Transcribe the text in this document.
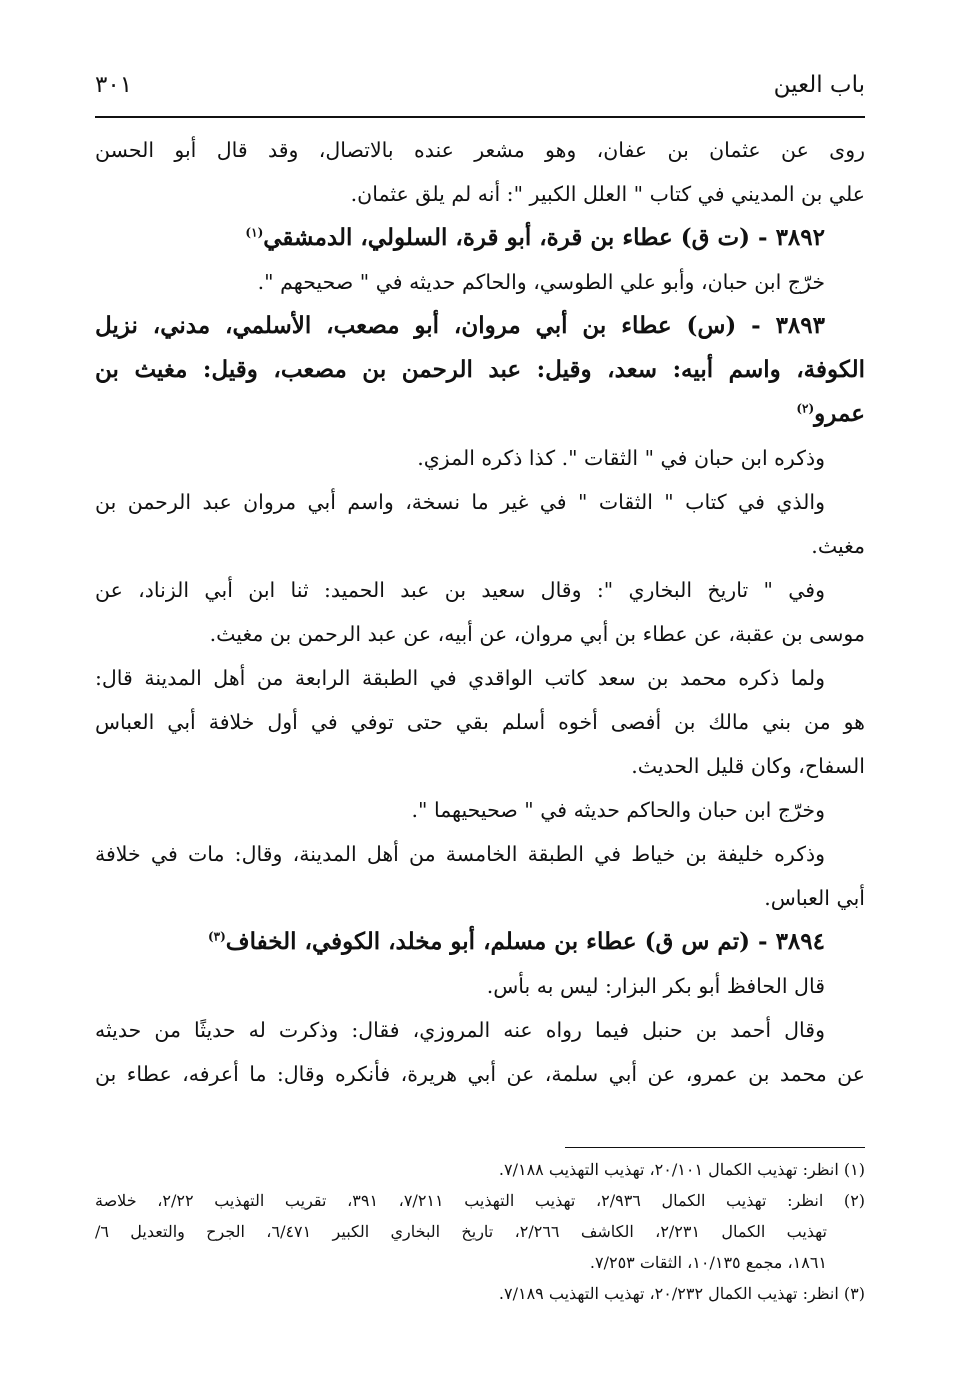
باب العين
٣٠١
روى عن عثمان بن عفان، وهو مشعر عنده بالاتصال، وقد قال أبو الحسن
علي بن المديني في كتاب " العلل الكبير ": أنه لم يلق عثمان.
٣٨٩٢ - (ت ق) عطاء بن قرة، أبو قرة، السلولي، الدمشقي$^{(١)}$
خرّج ابن حبان، وأبو علي الطوسي، والحاكم حديثه في " صحيحهم ".
٣٨٩٣ - (س) عطاء بن أبي مروان، أبو مصعب، الأسلمي، مدني، نزيل
الكوفة، واسم أبيه: سعد، وقيل: عبد الرحمن بن مصعب، وقيل: مغيث بن
عمرو$^{(٢)}$
وذكره ابن حبان في " الثقات ". كذا ذكره المزي.
والذي في كتاب " الثقات " في غير ما نسخة، واسم أبي مروان عبد الرحمن بن
مغيث.
وفي " تاريخ البخاري ": وقال سعيد بن عبد الحميد: ثنا ابن أبي الزناد، عن
موسى بن عقبة، عن عطاء بن أبي مروان، عن أبيه، عن عبد الرحمن بن مغيث.
ولما ذكره محمد بن سعد كاتب الواقدي في الطبقة الرابعة من أهل المدينة قال:
هو من بني مالك بن أفصى أخوه أسلم بقي حتى توفي في أول خلافة أبي العباس
السفاح، وكان قليل الحديث.
وخرّج ابن حبان والحاكم حديثه في " صحيحيهما ".
وذكره خليفة بن خياط في الطبقة الخامسة من أهل المدينة، وقال: مات في خلافة
أبي العباس.
٣٨٩٤ - (تم س ق) عطاء بن مسلم، أبو مخلد، الكوفي، الخفاف$^{(٣)}$
قال الحافظ أبو بكر البزار: ليس به بأس.
وقال أحمد بن حنبل فيما رواه عنه المروزي، فقال: وذكرت له حديثًا من حديثه
عن محمد بن عمرو، عن أبي سلمة، عن أبي هريرة، فأنكره وقال: ما أعرفه، عطاء بن
(١) انظر: تهذيب الكمال ٢٠/١٠١، تهذيب التهذيب ٧/١٨٨.
(٢) انظر: تهذيب الكمال ٢/٩٣٦، تهذيب التهذيب ٧/٢١١، ٣٩١، تقريب التهذيب ٢/٢٢، خلاصة
تهذيب الكمال ٢/٢٣١، الكاشف ٢/٢٦٦، تاريخ البخاري الكبير ٦/٤٧١، الجرح والتعديل ٦/
١٨٦١، مجمع ١٠/١٣٥، الثقات ٧/٢٥٣.
(٣) انظر: تهذيب الكمال ٢٠/٢٣٢، تهذيب التهذيب ٧/١٨٩.
